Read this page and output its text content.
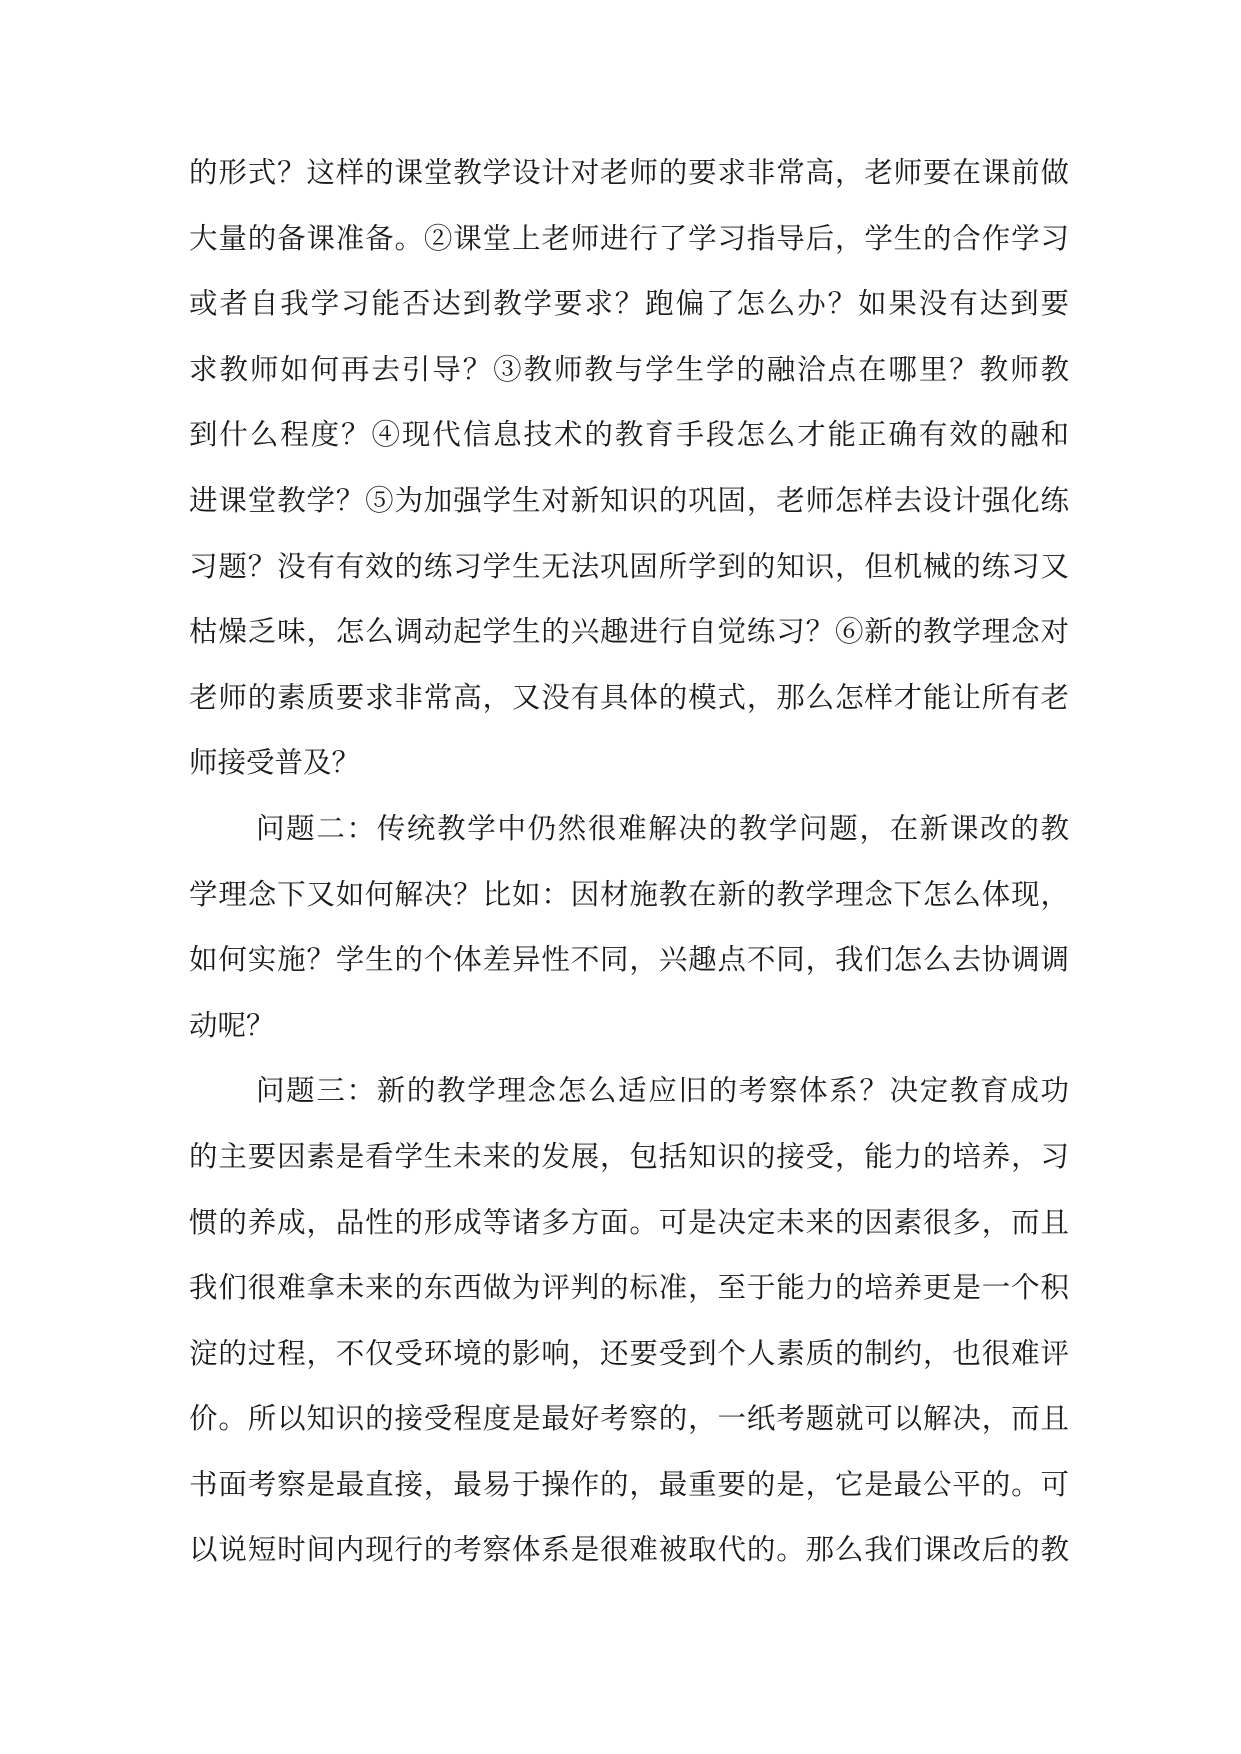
的形式？这样的课堂教学设计对老师的要求非常高，老师要在课前做
大量的备课准备。②课堂上老师进行了学习指导后，学生的合作学习
或者自我学习能否达到教学要求？跑偏了怎么办？如果没有达到要
求教师如何再去引导？③教师教与学生学的融洽点在哪里？教师教
到什么程度？④现代信息技术的教育手段怎么才能正确有效的融和
进课堂教学？⑤为加强学生对新知识的巩固，老师怎样去设计强化练
习题？没有有效的练习学生无法巩固所学到的知识，但机械的练习又
枯燥乏味，怎么调动起学生的兴趣进行自觉练习？⑥新的教学理念对
老师的素质要求非常高，又没有具体的模式，那么怎样才能让所有老
师接受普及？
问题二：传统教学中仍然很难解决的教学问题，在新课改的教
学理念下又如何解决？比如：因材施教在新的教学理念下怎么体现，
如何实施？学生的个体差异性不同，兴趣点不同，我们怎么去协调调
动呢？
问题三：新的教学理念怎么适应旧的考察体系？决定教育成功
的主要因素是看学生未来的发展，包括知识的接受，能力的培养，习
惯的养成，品性的形成等诸多方面。可是决定未来的因素很多，而且
我们很难拿未来的东西做为评判的标准，至于能力的培养更是一个积
淀的过程，不仅受环境的影响，还要受到个人素质的制约，也很难评
价。所以知识的接受程度是最好考察的，一纸考题就可以解决，而且
书面考察是最直接，最易于操作的，最重要的是，它是最公平的。可
以说短时间内现行的考察体系是很难被取代的。那么我们课改后的教
